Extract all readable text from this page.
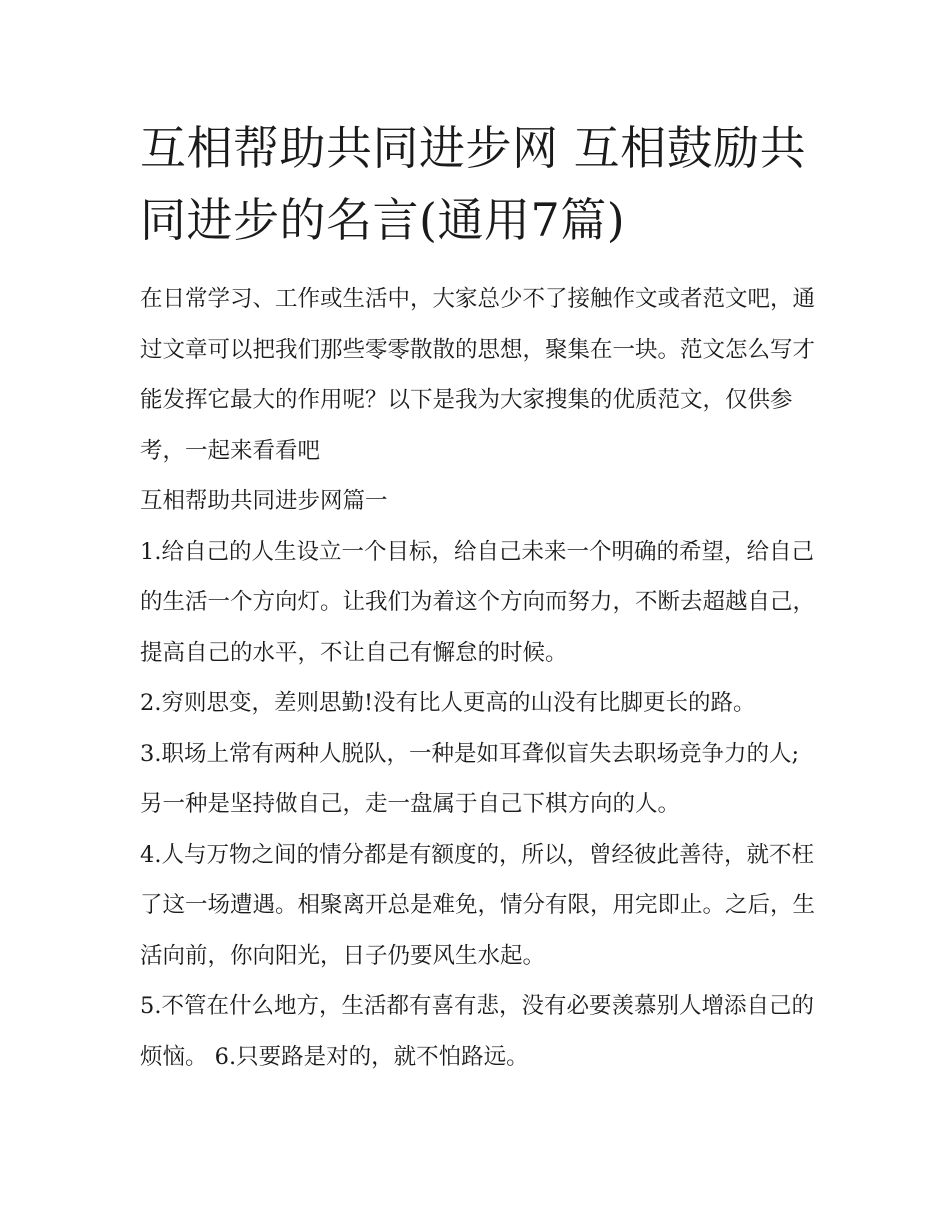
互相帮助共同进步网 互相鼓励共同进步的名言(通用7篇)

在日常学习、工作或生活中，大家总少不了接触作文或者范文吧，通过文章可以把我们那些零零散散的思想，聚集在一块。范文怎么写才能发挥它最大的作用呢？以下是我为大家搜集的优质范文，仅供参考，一起来看看吧

互相帮助共同进步网篇一

1.给自己的人生设立一个目标，给自己未来一个明确的希望，给自己的生活一个方向灯。让我们为着这个方向而努力，不断去超越自己，提高自己的水平，不让自己有懈怠的时候。

2.穷则思变，差则思勤!没有比人更高的山没有比脚更长的路。

3.职场上常有两种人脱队，一种是如耳聋似盲失去职场竞争力的人;另一种是坚持做自己，走一盘属于自己下棋方向的人。

4.人与万物之间的情分都是有额度的，所以，曾经彼此善待，就不枉了这一场遭遇。相聚离开总是难免，情分有限，用完即止。之后，生活向前，你向阳光，日子仍要风生水起。

5.不管在什么地方，生活都有喜有悲，没有必要羡慕别人增添自己的烦恼。 6.只要路是对的，就不怕路远。
